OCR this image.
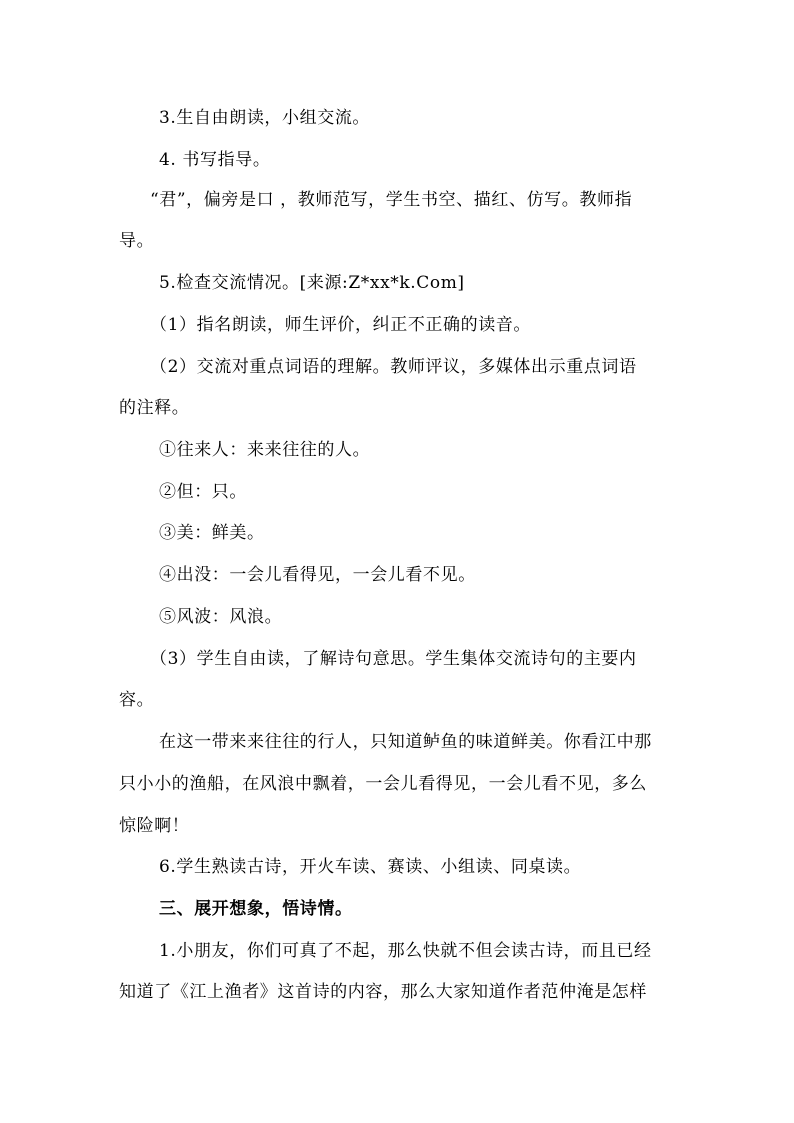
3.生自由朗读，小组交流。
4. 书写指导。
“君”，偏旁是口 ，教师范写，学生书空、描红、仿写。教师指
导。
5.检查交流情况。[来源:Z*xx*k.Com]
（1）指名朗读，师生评价，纠正不正确的读音。
（2）交流对重点词语的理解。教师评议，多媒体出示重点词语
的注释。
①往来人：来来往往的人。
②但：只。
③美：鲜美。
④出没：一会儿看得见，一会儿看不见。
⑤风波：风浪。
（3）学生自由读，了解诗句意思。学生集体交流诗句的主要内
容。
在这一带来来往往的行人，只知道鲈鱼的味道鲜美。你看江中那
只小小的渔船，在风浪中飘着，一会儿看得见，一会儿看不见，多么
惊险啊！
6.学生熟读古诗，开火车读、赛读、小组读、同桌读。
三、展开想象，悟诗情。
1.小朋友，你们可真了不起，那么快就不但会读古诗，而且已经
知道了《江上渔者》这首诗的内容，那么大家知道作者范仲淹是怎样
